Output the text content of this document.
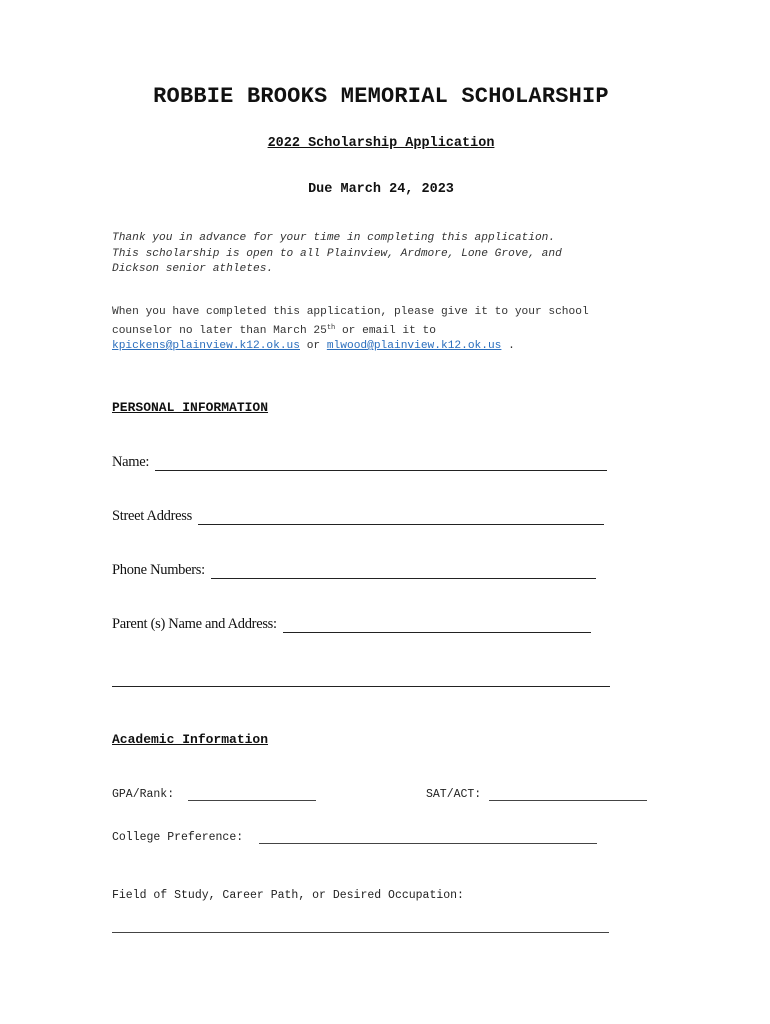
ROBBIE BROOKS MEMORIAL SCHOLARSHIP
2022 Scholarship Application
Due March 24, 2023
Thank you in advance for your time in completing this application.
This scholarship is open to all Plainview, Ardmore, Lone Grove, and
Dickson senior athletes.
When you have completed this application, please give it to your school
counselor no later than March 25th or email it to
kpickens@plainview.k12.ok.us or mlwood@plainview.k12.ok.us .
PERSONAL INFORMATION
Name:
Street Address
Phone Numbers:
Parent (s) Name and Address:
Academic Information
GPA/Rank:	SAT/ACT:
College Preference:
Field of Study, Career Path, or Desired Occupation:
